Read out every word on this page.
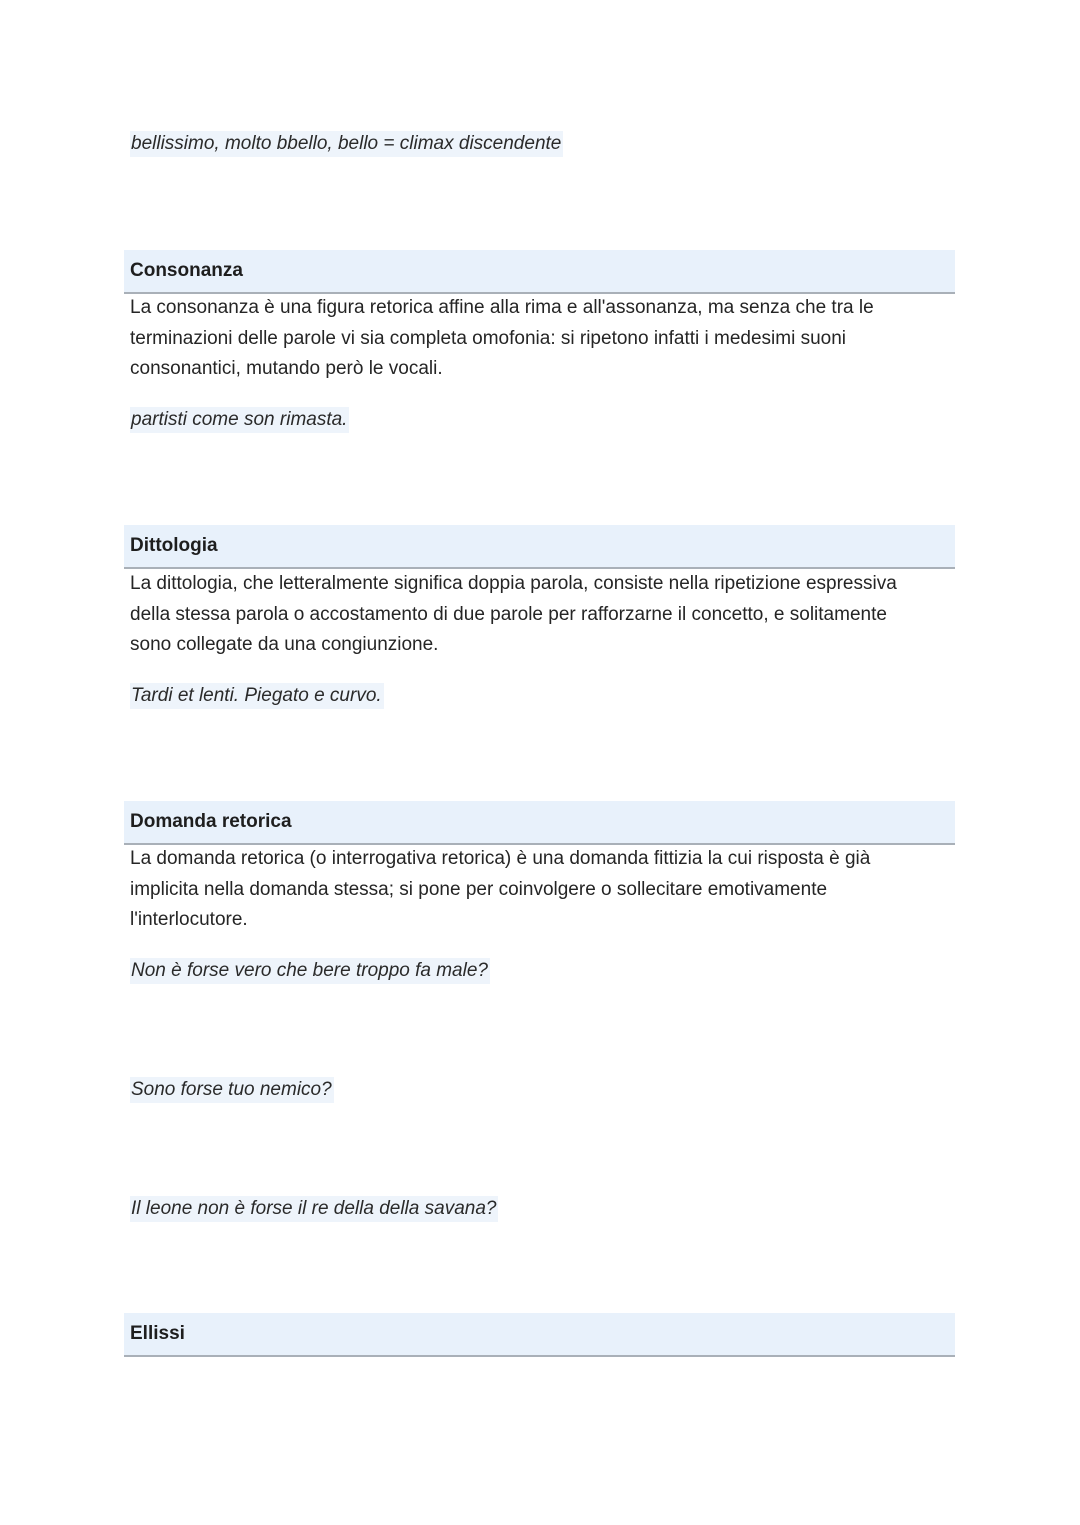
bellissimo, molto bbello, bello = climax discendente
Consonanza
La consonanza è una figura retorica affine alla rima e all'assonanza, ma senza che tra le
terminazioni delle parole vi sia completa omofonia: si ripetono infatti i medesimi suoni
consonantici, mutando però le vocali.
partisti come son rimasta.
Dittologia
La dittologia, che letteralmente significa doppia parola, consiste nella ripetizione espressiva
della stessa parola o accostamento di due parole per rafforzarne il concetto, e solitamente
sono collegate da una congiunzione.
Tardi et lenti. Piegato e curvo.
Domanda retorica
La domanda retorica (o interrogativa retorica) è una domanda fittizia la cui risposta è già
implicita nella domanda stessa; si pone per coinvolgere o sollecitare emotivamente
l'interlocutore.
Non è forse vero che bere troppo fa male?
Sono forse tuo nemico?
Il leone non è forse il re della della savana?
Ellissi
